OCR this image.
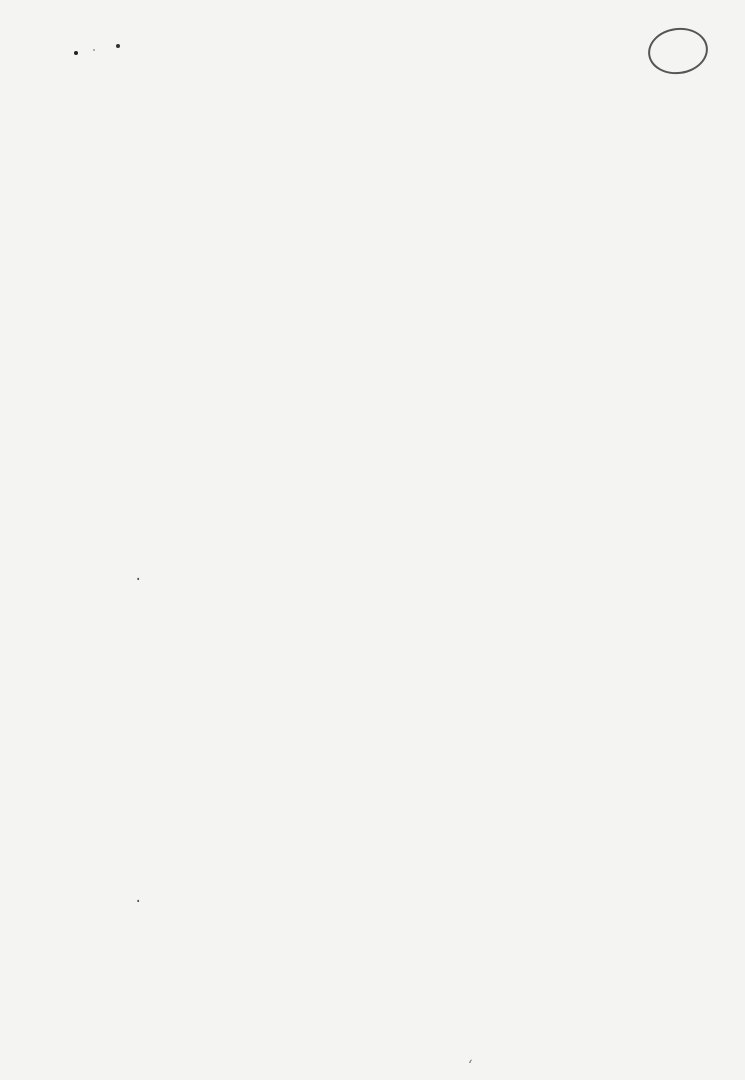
.
.
‘
